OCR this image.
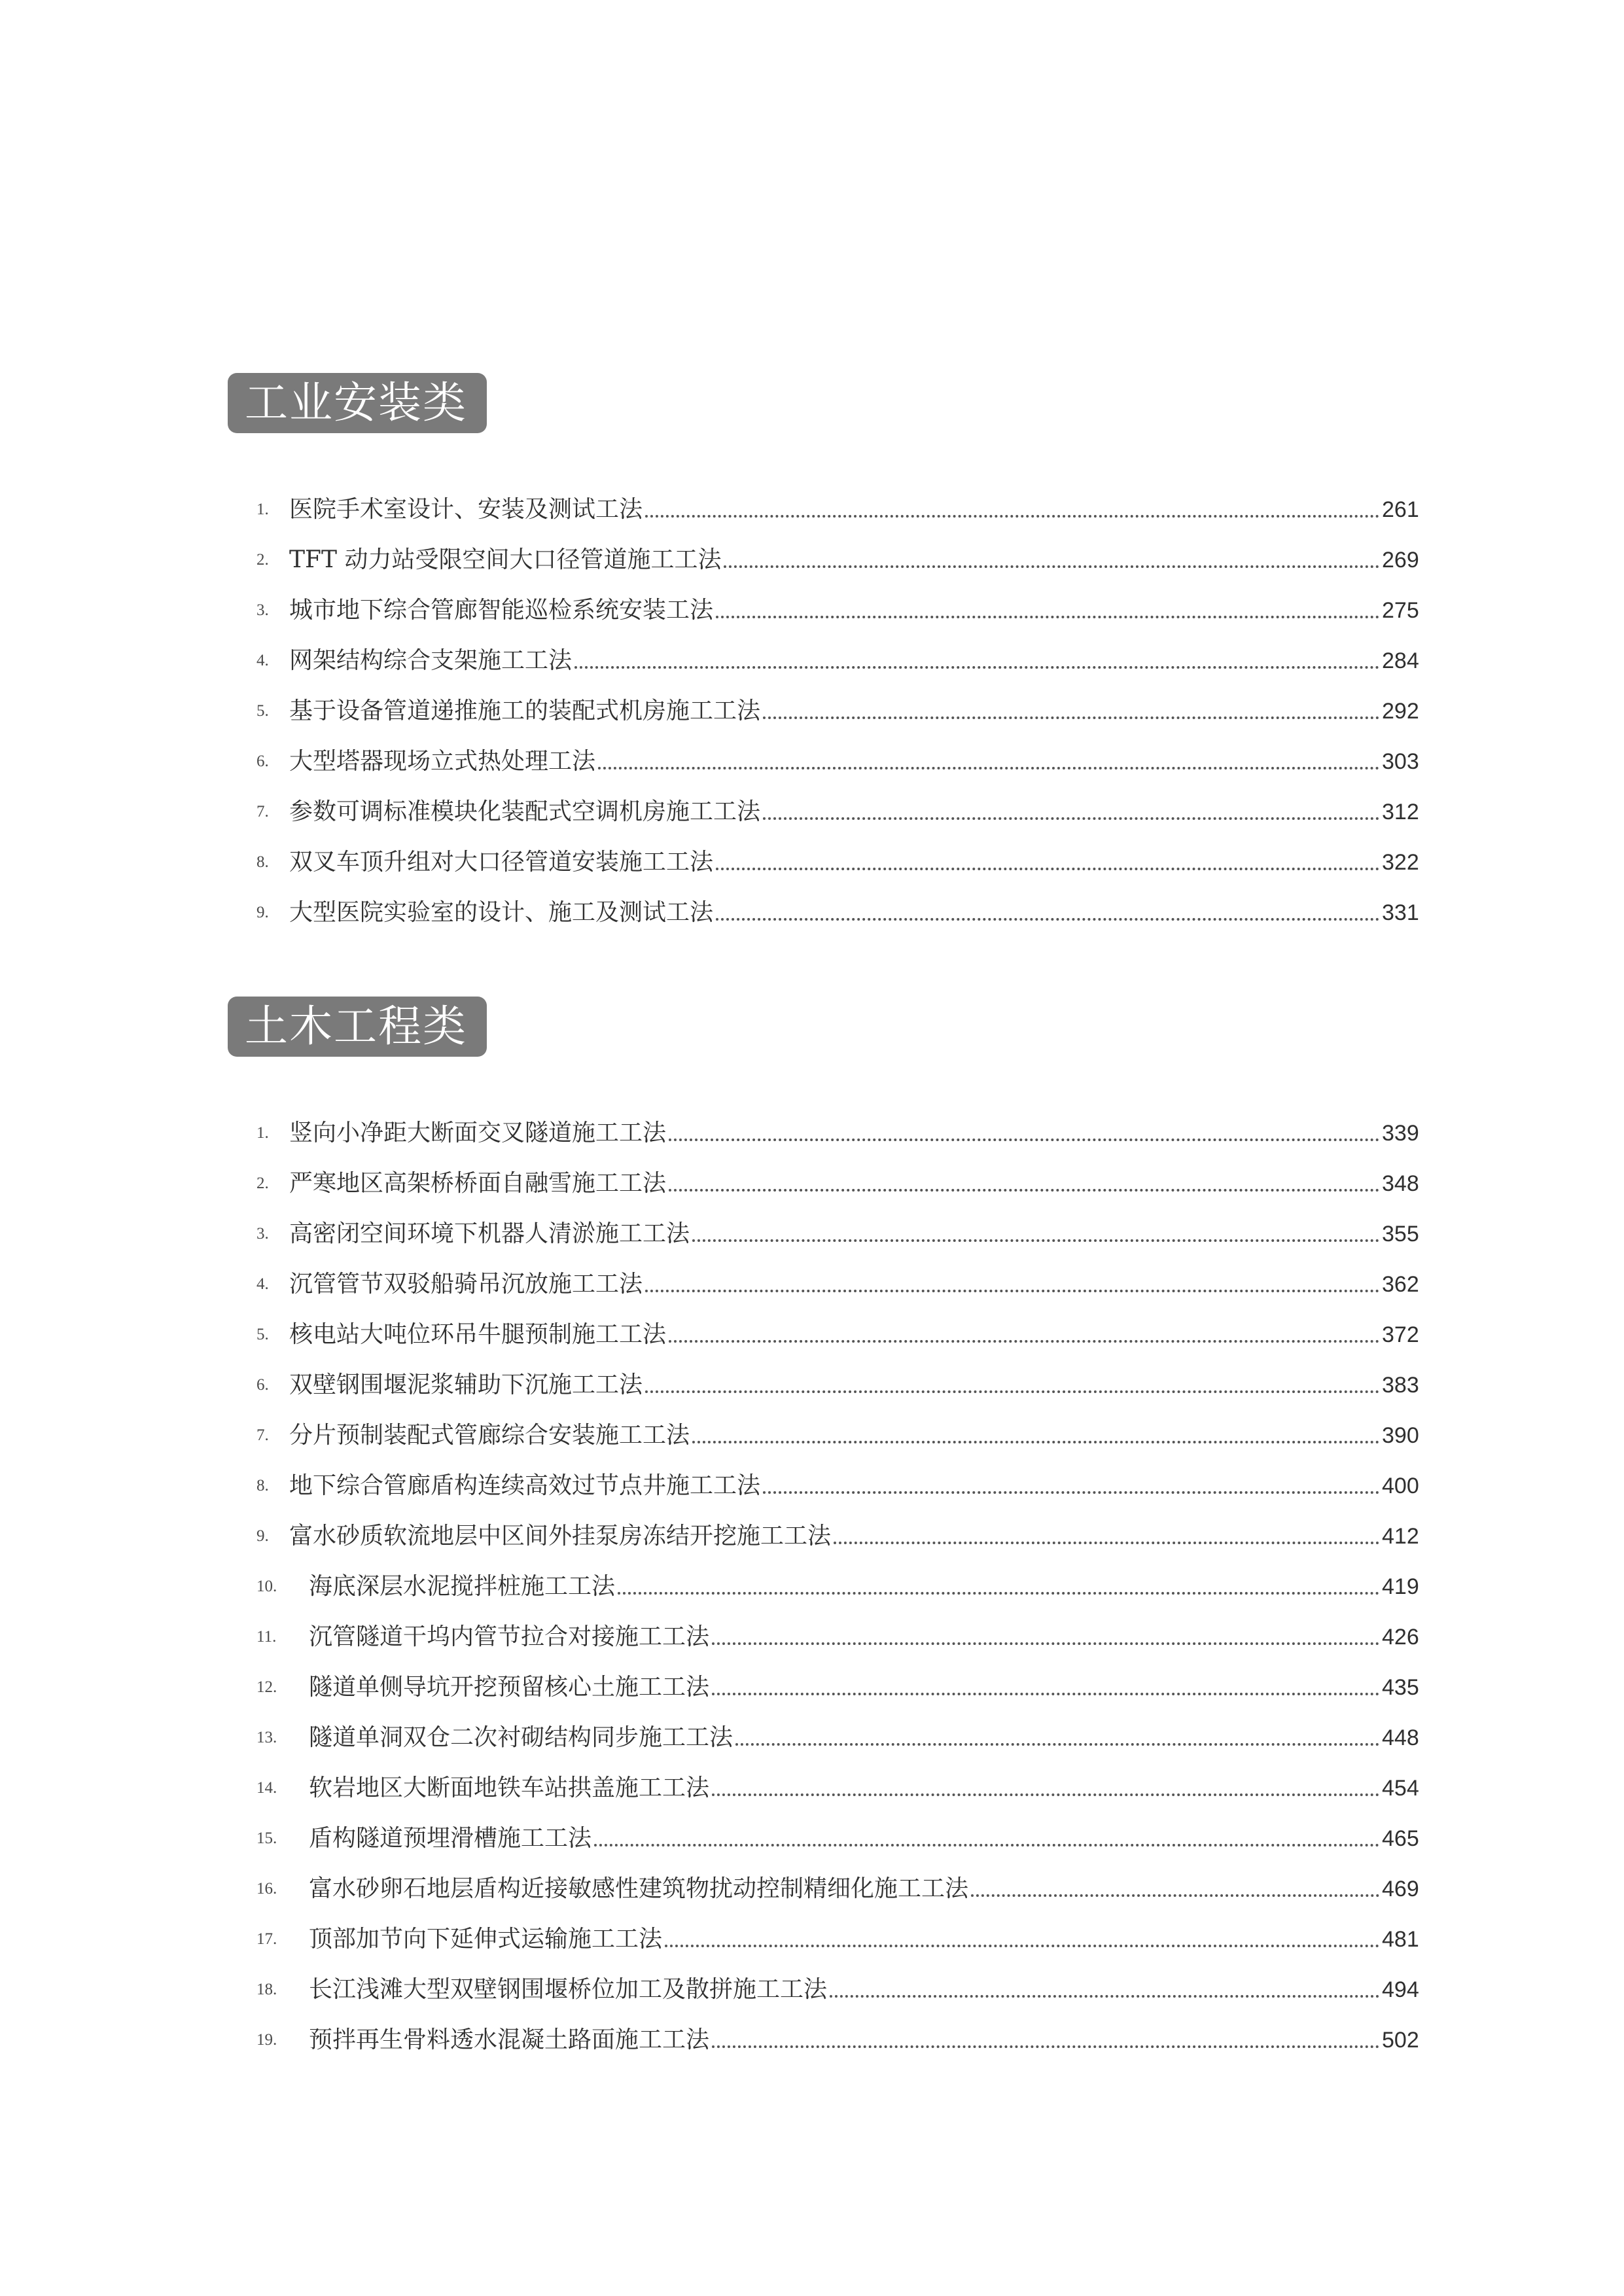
工业安装类
1. 医院手术室设计、安装及测试工法	261
2. TFT 动力站受限空间大口径管道施工工法	269
3. 城市地下综合管廊智能巡检系统安装工法	275
4. 网架结构综合支架施工工法	284
5. 基于设备管道递推施工的装配式机房施工工法	292
6. 大型塔器现场立式热处理工法	303
7. 参数可调标准模块化装配式空调机房施工工法	312
8. 双叉车顶升组对大口径管道安装施工工法	322
9. 大型医院实验室的设计、施工及测试工法	331
土木工程类
1. 竖向小净距大断面交叉隧道施工工法	339
2. 严寒地区高架桥桥面自融雪施工工法	348
3. 高密闭空间环境下机器人清淤施工工法	355
4. 沉管管节双驳船骑吊沉放施工工法	362
5. 核电站大吨位环吊牛腿预制施工工法	372
6. 双壁钢围堰泥浆辅助下沉施工工法	383
7. 分片预制装配式管廊综合安装施工工法	390
8. 地下综合管廊盾构连续高效过节点井施工工法	400
9. 富水砂质软流地层中区间外挂泵房冻结开挖施工工法	412
10.	海底深层水泥搅拌桩施工工法	419
11.	沉管隧道干坞内管节拉合对接施工工法	426
12.	隧道单侧导坑开挖预留核心土施工工法	435
13.	隧道单洞双仓二次衬砌结构同步施工工法	448
14.	软岩地区大断面地铁车站拱盖施工工法	454
15.	盾构隧道预埋滑槽施工工法	465
16.	富水砂卵石地层盾构近接敏感性建筑物扰动控制精细化施工工法	469
17.	顶部加节向下延伸式运输施工工法	481
18.	长江浅滩大型双壁钢围堰桥位加工及散拼施工工法	494
19.	预拌再生骨料透水混凝土路面施工工法	502
